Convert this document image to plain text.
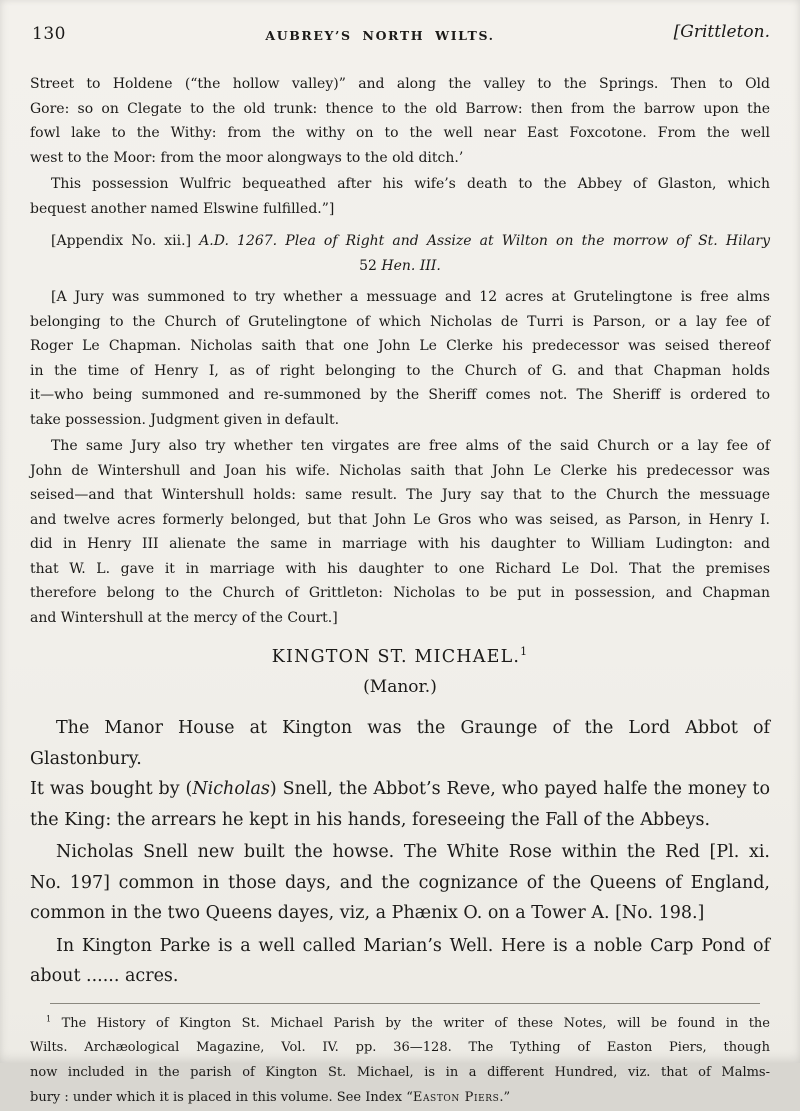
130	AUBREY’S NORTH WILTS.	[Grittleton.
Street to Holdene (“the hollow valley)” and along the valley to the Springs. Then to Old
Gore: so on Clegate to the old trunk: thence to the old Barrow: then from the barrow upon the
fowl lake to the Withy: from the withy on to the well near East Foxcotone. From the well
west to the Moor: from the moor alongways to the old ditch.’
This possession Wulfric bequeathed after his wife’s death to the Abbey of Glaston, which
bequest another named Elswine fulfilled.”]
[Appendix No. xii.] A.D. 1267. Plea of Right and Assize at Wilton on the morrow of St. Hilary
52 Hen. III.
[A Jury was summoned to try whether a messuage and 12 acres at Grutelingtone is free alms
belonging to the Church of Grutelingtone of which Nicholas de Turri is Parson, or a lay fee of
Roger Le Chapman. Nicholas saith that one John Le Clerke his predecessor was seised thereof
in the time of Henry I, as of right belonging to the Church of G. and that Chapman holds
it—who being summoned and re-summoned by the Sheriff comes not. The Sheriff is ordered to
take possession. Judgment given in default.
The same Jury also try whether ten virgates are free alms of the said Church or a lay fee of
John de Wintershull and Joan his wife. Nicholas saith that John Le Clerke his predecessor was
seised—and that Wintershull holds: same result. The Jury say that to the Church the messuage
and twelve acres formerly belonged, but that John Le Gros who was seised, as Parson, in Henry I.
did in Henry III alienate the same in marriage with his daughter to William Ludington: and
that W. L. gave it in marriage with his daughter to one Richard Le Dol. That the premises
therefore belong to the Church of Grittleton: Nicholas to be put in possession, and Chapman
and Wintershull at the mercy of the Court.]
KINGTON ST. MICHAEL.$^1$
(Manor.)
The Manor House at Kington was the Graunge of the Lord Abbot of Glastonbury.
It was bought by (Nicholas) Snell, the Abbot’s Reve, who payed halfe the money to
the King: the arrears he kept in his hands, foreseeing the Fall of the Abbeys.
Nicholas Snell new built the howse. The White Rose within the Red [Pl. xi.
No. 197] common in those days, and the cognizance of the Queens of England,
common in the two Queens dayes, viz, a Phænix O. on a Tower A. [No. 198.]
In Kington Parke is a well called Marian’s Well. Here is a noble Carp Pond of
about ...... acres.
$^1$ The History of Kington St. Michael Parish by the writer of these Notes, will be found in the
Wilts. Archæological Magazine, Vol. IV. pp. 36—128. The Tything of Easton Piers, though
now included in the parish of Kington St. Michael, is in a different Hundred, viz. that of Malms-
bury : under which it is placed in this volume. See Index “Easton Piers.”
